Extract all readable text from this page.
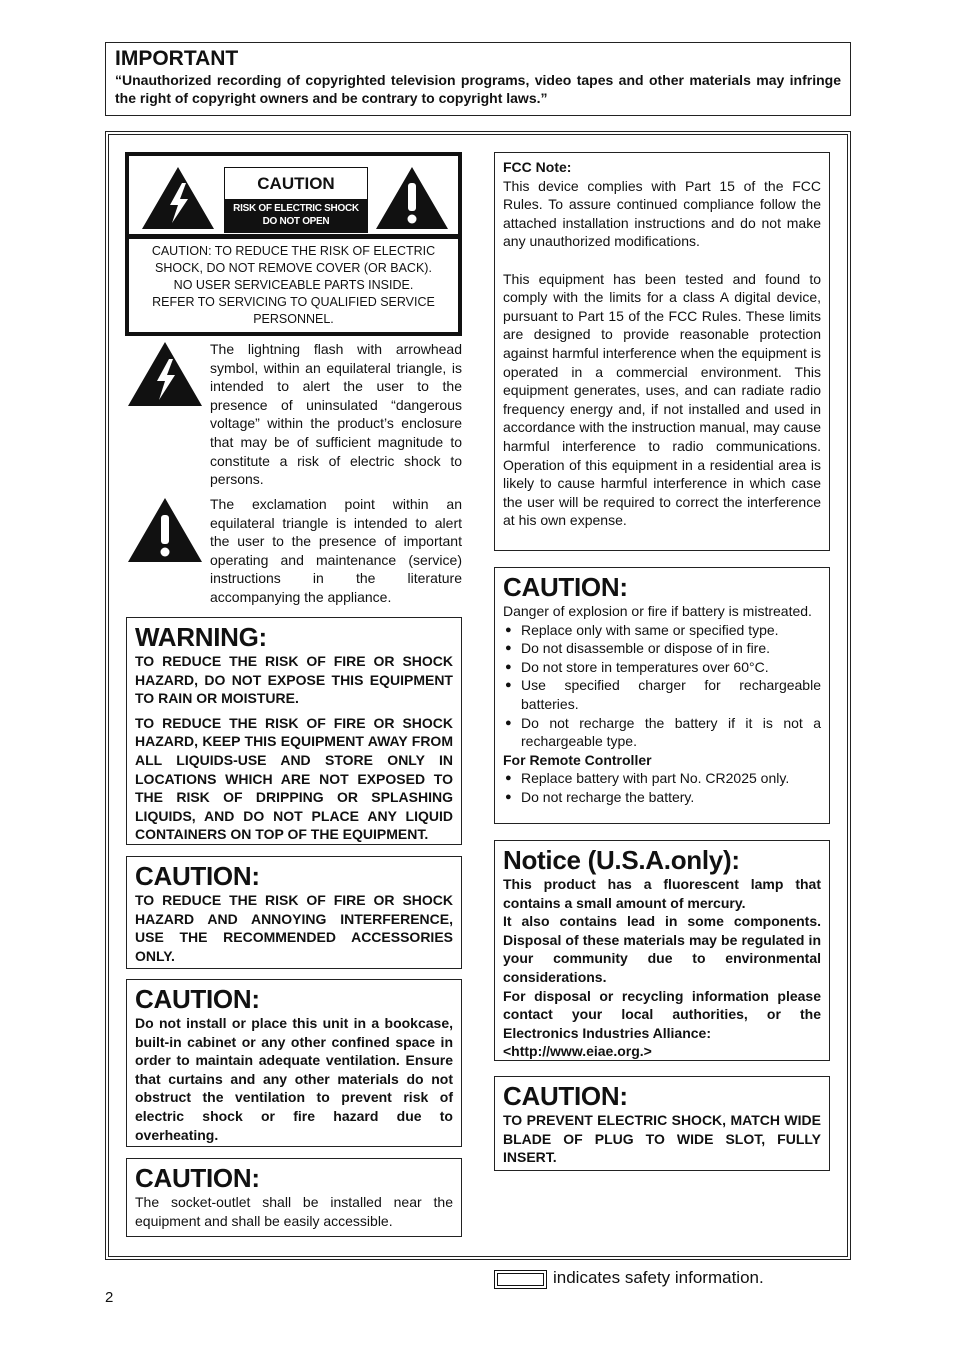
IMPORTANT

“Unauthorized recording of copyrighted television programs, video tapes and other materials may infringe the right of copyright owners and be contrary to copyright laws.”

CAUTION
RISK OF ELECTRIC SHOCK
DO NOT OPEN
CAUTION: TO REDUCE THE RISK OF ELECTRIC
SHOCK, DO NOT REMOVE COVER (OR BACK).
NO USER SERVICEABLE PARTS INSIDE.
REFER TO SERVICING TO QUALIFIED SERVICE
PERSONNEL.

The lightning flash with arrowhead symbol, within an equilateral triangle, is intended to alert the user to the presence of uninsulated “dangerous voltage” within the product’s enclosure that may be of sufficient magnitude to constitute a risk of electric shock to persons.

The exclamation point within an equilateral triangle is intended to alert the user to the presence of important operating and maintenance (service) instructions in the literature accompanying the appliance.

WARNING:

TO REDUCE THE RISK OF FIRE OR SHOCK HAZARD, DO NOT EXPOSE THIS EQUIPMENT TO RAIN OR MOISTURE.

TO REDUCE THE RISK OF FIRE OR SHOCK HAZARD, KEEP THIS EQUIPMENT AWAY FROM ALL LIQUIDS-USE AND STORE ONLY IN LOCATIONS WHICH ARE NOT EXPOSED TO THE RISK OF DRIPPING OR SPLASHING LIQUIDS, AND DO NOT PLACE ANY LIQUID CONTAINERS ON TOP OF THE EQUIPMENT.

CAUTION:

TO REDUCE THE RISK OF FIRE OR SHOCK HAZARD AND ANNOYING INTERFERENCE, USE THE RECOMMENDED ACCESSORIES ONLY.

CAUTION:

Do not install or place this unit in a bookcase, built-in cabinet or any other confined space in order to maintain adequate ventilation. Ensure that curtains and any other materials do not obstruct the ventilation to prevent risk of electric shock or fire hazard due to overheating.

CAUTION:

The socket-outlet shall be installed near the equipment and shall be easily accessible.

FCC Note:

This device complies with Part 15 of the FCC Rules. To assure continued compliance follow the attached installation instructions and do not make any unauthorized modifications.

This equipment has been tested and found to comply with the limits for a class A digital device, pursuant to Part 15 of the FCC Rules. These limits are designed to provide reasonable protection against harmful interference when the equipment is operated in a commercial environment. This equipment generates, uses, and can radiate radio frequency energy and, if not installed and used in accordance with the instruction manual, may cause harmful interference to radio communications. Operation of this equipment in a residential area is likely to cause harmful interference in which case the user will be required to correct the interference at his own expense.

CAUTION:

Danger of explosion or fire if battery is mistreated.

● Replace only with same or specified type.
● Do not disassemble or dispose of in fire.
● Do not store in temperatures over 60°C.
● Use specified charger for rechargeable batteries.
● Do not recharge the battery if it is not a rechargeable type.

For Remote Controller

● Replace battery with part No. CR2025 only.
● Do not recharge the battery.

Notice (U.S.A.only):

This product has a fluorescent lamp that contains a small amount of mercury.

It also contains lead in some components. Disposal of these materials may be regulated in your community due to environmental considerations.

For disposal or recycling information please contact your local authorities, or the Electronics Industries Alliance:

<http://www.eiae.org.>

CAUTION:

TO PREVENT ELECTRIC SHOCK, MATCH WIDE BLADE OF PLUG TO WIDE SLOT, FULLY INSERT.

indicates safety information.
2
